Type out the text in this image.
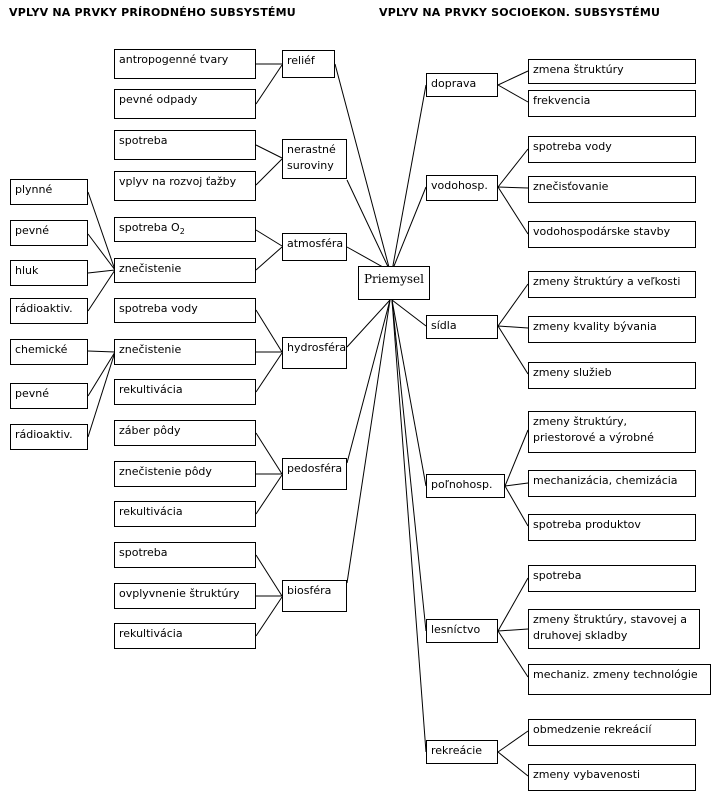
VPLYV NA PRVKY PRÍRODNÉHO SUBSYSTÉMU	VPLYV NA PRVKY SOCIOEKON. SUBSYSTÉMU
Priemysel
antropogenné tvary
pevné odpady
spotreba
vplyv na rozvoj ťažby
spotreba $O_2$
znečistenie
spotreba vody
znečistenie
rekultivácia
záber pôdy
znečistenie pôdy
rekultivácia
spotreba
ovplyvnenie štruktúry
rekultivácia
reliéf
nerastné suroviny
atmosféra
hydrosféra
pedosféra
biosféra
plynné
pevné
hluk
rádioaktiv.
chemické
pevné
rádioaktiv.
doprava
vodohosp.
sídla
poľnohosp.
lesníctvo
rekreácie
zmena štruktúry
frekvencia
spotreba vody
znečisťovanie
vodohospodárske stavby
zmeny štruktúry a veľkosti
zmeny kvality bývania
zmeny služieb
zmeny štruktúry, priestorové a výrobné
mechanizácia, chemizácia
spotreba produktov
spotreba
zmeny štruktúry, stavovej a druhovej skladby
mechaniz. zmeny technológie
obmedzenie rekreácií
zmeny vybavenosti
